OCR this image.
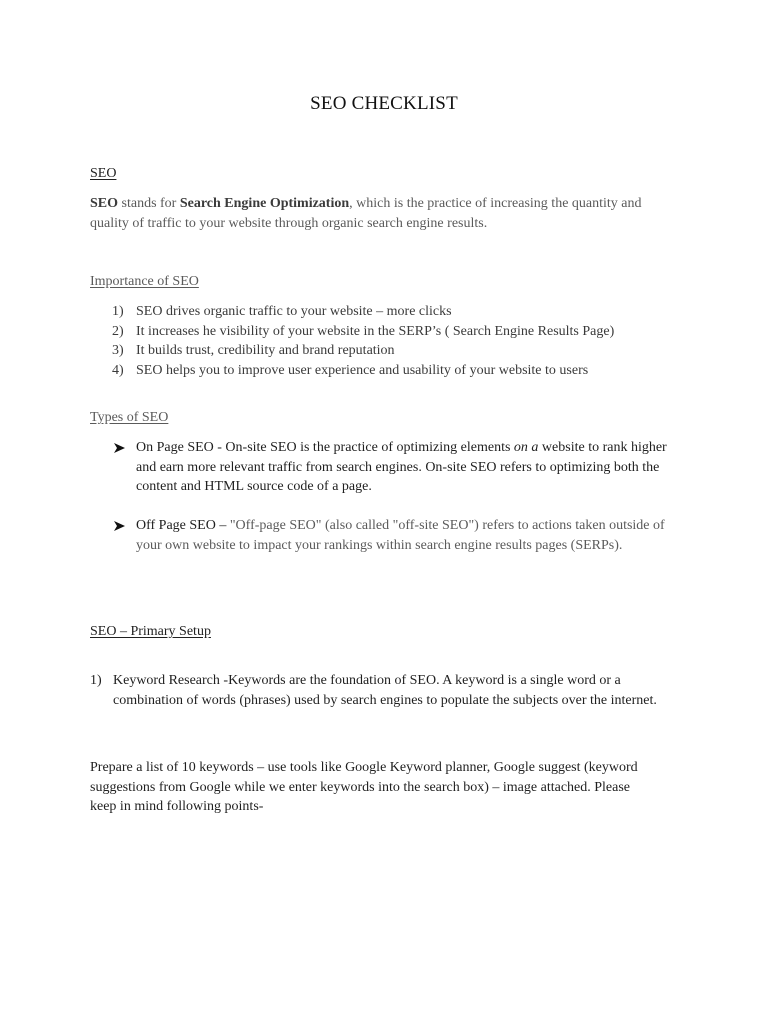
SEO CHECKLIST
SEO
SEO stands for Search Engine Optimization, which is the practice of increasing the quantity and quality of traffic to your website through organic search engine results.
Importance of SEO
1) SEO drives organic traffic to your website – more clicks
2) It increases he visibility of your website in the SERP’s ( Search Engine Results Page)
3) It builds trust, credibility and brand reputation
4) SEO helps you to improve user experience and usability of your website to users
Types of SEO
On Page SEO - On-site SEO is the practice of optimizing elements on a website to rank higher and earn more relevant traffic from search engines. On-site SEO refers to optimizing both the content and HTML source code of a page.
Off Page SEO – "Off-page SEO" (also called "off-site SEO") refers to actions taken outside of your own website to impact your rankings within search engine results pages (SERPs).
SEO – Primary Setup
1) Keyword Research -Keywords are the foundation of SEO. A keyword is a single word or a combination of words (phrases) used by search engines to populate the subjects over the internet.
Prepare a list of 10 keywords – use tools like Google Keyword planner, Google suggest (keyword suggestions from Google while we enter keywords into the search box) – image attached. Please keep in mind following points-
